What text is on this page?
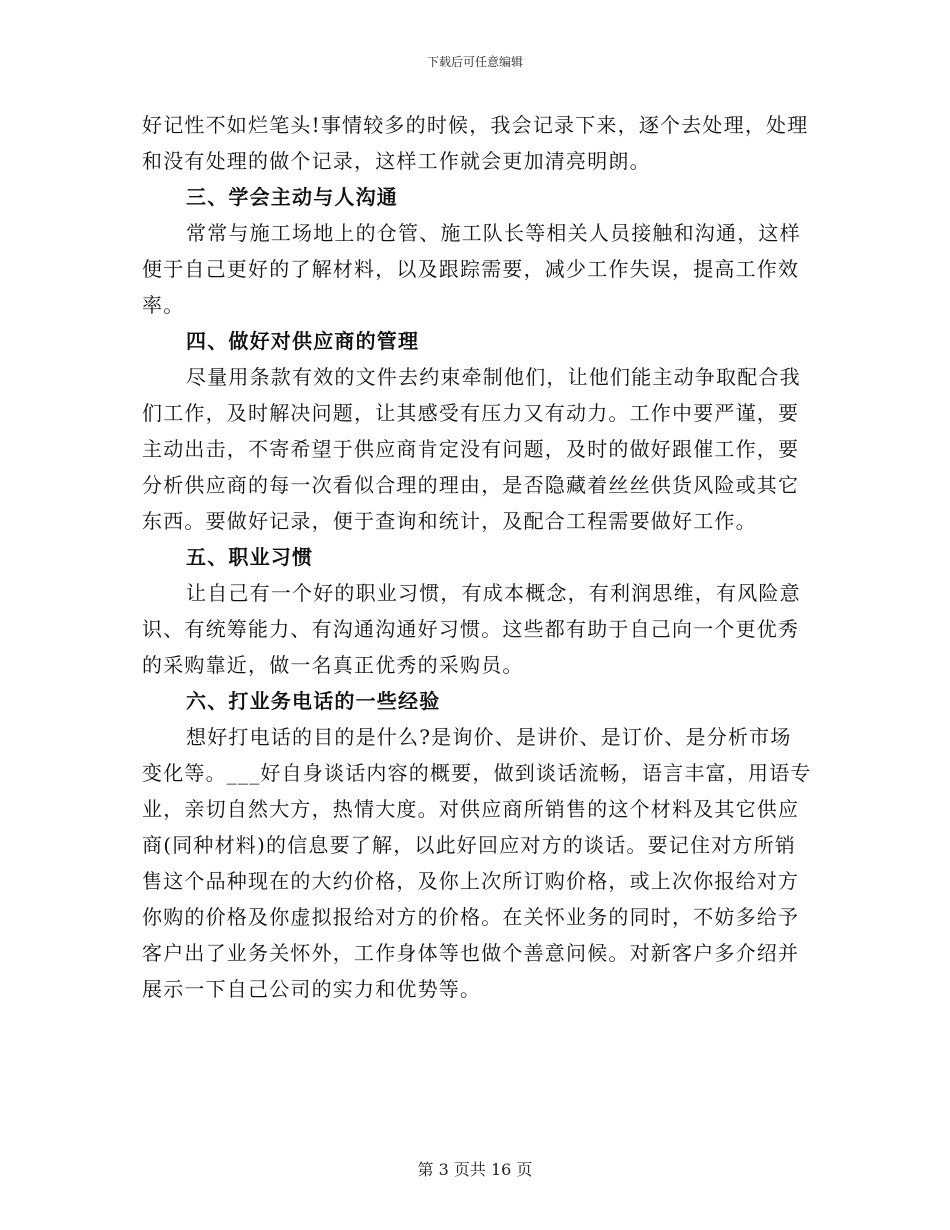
下载后可任意编辑

好记性不如烂笔头!事情较多的时候，我会记录下来，逐个去处理，处理和没有处理的做个记录，这样工作就会更加清亮明朗。

三、学会主动与人沟通

常常与施工场地上的仓管、施工队长等相关人员接触和沟通，这样便于自己更好的了解材料，以及跟踪需要，减少工作失误，提高工作效率。

四、做好对供应商的管理

尽量用条款有效的文件去约束牵制他们，让他们能主动争取配合我们工作，及时解决问题，让其感受有压力又有动力。工作中要严谨，要主动出击，不寄希望于供应商肯定没有问题，及时的做好跟催工作，要分析供应商的每一次看似合理的理由，是否隐藏着丝丝供货风险或其它东西。要做好记录，便于查询和统计，及配合工程需要做好工作。

五、职业习惯

让自己有一个好的职业习惯，有成本概念，有利润思维，有风险意识、有统筹能力、有沟通沟通好习惯。这些都有助于自己向一个更优秀的采购靠近，做一名真正优秀的采购员。

六、打业务电话的一些经验

想好打电话的目的是什么?是询价、是讲价、是订价、是分析市场变化等。___好自身谈话内容的概要，做到谈话流畅，语言丰富，用语专业，亲切自然大方，热情大度。对供应商所销售的这个材料及其它供应商(同种材料)的信息要了解，以此好回应对方的谈话。要记住对方所销售这个品种现在的大约价格，及你上次所订购价格，或上次你报给对方你购的价格及你虚拟报给对方的价格。在关怀业务的同时，不妨多给予客户出了业务关怀外，工作身体等也做个善意问候。对新客户多介绍并展示一下自己公司的实力和优势等。

第 3 页共 16 页
